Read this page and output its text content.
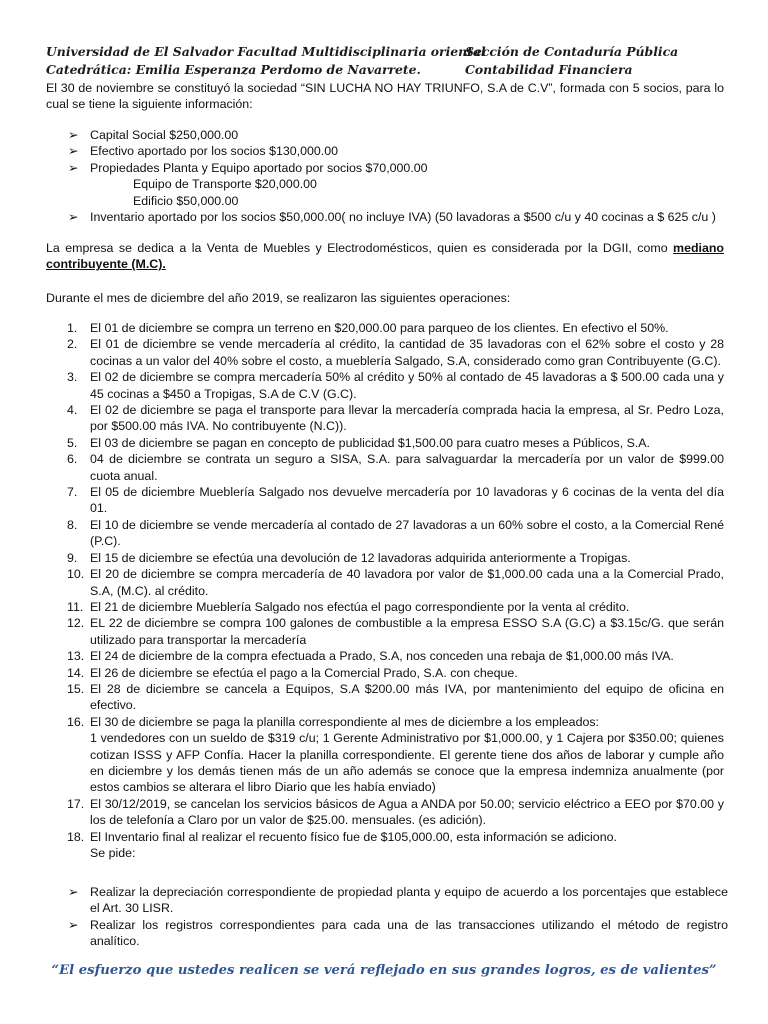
Universidad de El Salvador Facultad Multidisciplinaria oriental
Sección de Contaduría Pública
Catedrática: Emilia Esperanza Perdomo de Navarrete.	Contabilidad Financiera
El 30 de noviembre se constituyó la sociedad “SIN LUCHA NO HAY TRIUNFO, S.A de C.V”, formada con 5 socios, para lo cual se tiene la siguiente información:
➢ Capital Social $250,000.00
➢ Efectivo aportado por los socios $130,000.00
➢ Propiedades Planta y Equipo aportado por socios $70,000.00
Equipo de Transporte $20,000.00
Edificio $50,000.00
➢ Inventario aportado por los socios $50,000.00( no incluye IVA) (50 lavadoras a $500 c/u y 40 cocinas a $ 625 c/u )
La empresa se dedica a la Venta de Muebles y Electrodomésticos, quien es considerada por la DGII, como mediano contribuyente (M.C).
Durante el mes de diciembre del año 2019, se realizaron las siguientes operaciones:
1.	El 01 de diciembre se compra un terreno en $20,000.00 para parqueo de los clientes. En efectivo el 50%.
2.	El 01 de diciembre se vende mercadería al crédito, la cantidad de 35 lavadoras con el 62% sobre el costo y 28 cocinas a un valor del 40% sobre el costo, a mueblería Salgado, S.A, considerado como gran Contribuyente (G.C).
3.	El 02 de diciembre se compra mercadería 50% al crédito y 50% al contado de 45 lavadoras a $ 500.00 cada una y 45 cocinas a $450 a Tropigas, S.A de C.V (G.C).
4.	El 02 de diciembre se paga el transporte para llevar la mercadería comprada hacia la empresa, al Sr. Pedro Loza, por $500.00 más IVA. No contribuyente (N.C)).
5.	El 03 de diciembre se pagan en concepto de publicidad $1,500.00 para cuatro meses a Públicos, S.A.
6.	04 de diciembre se contrata un seguro a SISA, S.A. para salvaguardar la mercadería por un valor de $999.00 cuota anual.
7.	El 05 de diciembre Mueblería Salgado nos devuelve mercadería por 10 lavadoras y 6 cocinas de la venta del día 01.
8.	El 10 de diciembre se vende mercadería al contado de 27 lavadoras a un 60% sobre el costo, a la Comercial René (P.C).
9.	El 15 de diciembre se efectúa una devolución de 12 lavadoras adquirida anteriormente a Tropigas.
10. El 20 de diciembre se compra mercadería de 40 lavadora por valor de $1,000.00 cada una a la Comercial Prado, S.A, (M.C). al crédito.
11. El 21 de diciembre Mueblería Salgado nos efectúa el pago correspondiente por la venta al crédito.
12. EL 22 de diciembre se compra 100 galones de combustible a la empresa ESSO S.A (G.C) a $3.15c/G. que serán utilizado para transportar la mercadería
13. El 24 de diciembre de la compra efectuada a Prado, S.A, nos conceden una rebaja de $1,000.00 más IVA.
14. El 26 de diciembre se efectúa el pago a la Comercial Prado, S.A. con cheque.
15. El 28 de diciembre se cancela a Equipos, S.A $200.00 más IVA, por mantenimiento del equipo de oficina en efectivo.
16. El 30 de diciembre se paga la planilla correspondiente al mes de diciembre a los empleados:
1 vendedores con un sueldo de $319 c/u; 1 Gerente Administrativo por $1,000.00, y 1 Cajera por $350.00; quienes cotizan ISSS y AFP Confía. Hacer la planilla correspondiente. El gerente tiene dos años de laborar y cumple año en diciembre y los demás tienen más de un año además se conoce que la empresa indemniza anualmente (por estos cambios se alterara el libro Diario que les había enviado)
17. El 30/12/2019, se cancelan los servicios básicos de Agua a ANDA por 50.00; servicio eléctrico a EEO por $70.00 y los de telefonía a Claro por un valor de $25.00. mensuales. (es adición).
18. El Inventario final al realizar el recuento físico fue de $105,000.00, esta información se adiciono.
Se pide:
➢ Realizar la depreciación correspondiente de propiedad planta y equipo de acuerdo a los porcentajes que establece el Art. 30 LISR.
➢ Realizar los registros correspondientes para cada una de las transacciones utilizando el método de registro analítico.
“El esfuerzo que ustedes realicen se verá reflejado en sus grandes logros, es de valientes”
